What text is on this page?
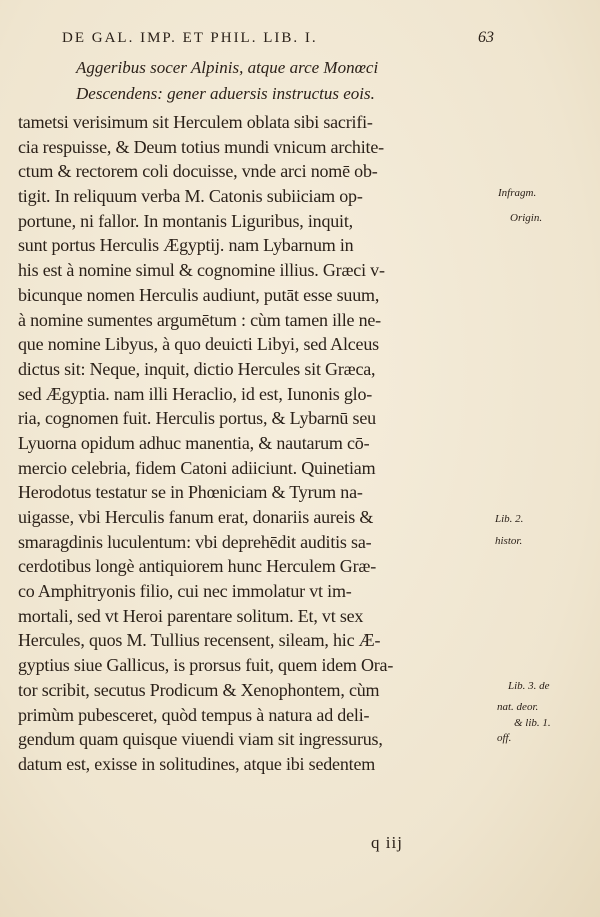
DE GAL. IMP. ET PHIL. LIB. I.	63
Aggeribus socer Alpinis, atque arce Monœci
Descendens: gener aduersis instructus eois.
tametsi verisimum sit Herculem oblata sibi sacrifi-
cia respuisse, & Deum totius mundi vnicum archite-
ctum & rectorem coli docuisse, vnde arci nomē ob-
tigit. In reliquum verba M. Catonis subiiciam op-
portune, ni fallor. In montanis Liguribus, inquit,
sunt portus Herculis Ægyptij. nam Lybarnum in
his est à nomine simul & cognomine illius. Græci v-
bicunque nomen Herculis audiunt, putāt esse suum,
à nomine sumentes argumētum : cùm tamen ille ne-
que nomine Libyus, à quo deuicti Libyi, sed Alceus
dictus sit: Neque, inquit, dictio Hercules sit Græca,
sed Ægyptia. nam illi Heraclio, id est, Iunonis glo-
ria, cognomen fuit. Herculis portus, & Lybarnū seu
Lyuorna opidum adhuc manentia, & nautarum cō-
mercio celebria, fidem Catoni adiiciunt. Quinetiam
Herodotus testatur se in Phœniciam & Tyrum na-
uigasse, vbi Herculis fanum erat, donariis aureis &
smaragdinis luculentum: vbi deprehēdit auditis sa-
cerdotibus longè antiquiorem hunc Herculem Græ-
co Amphitryonis filio, cui nec immolatur vt im-
mortali, sed vt Heroi parentare solitum. Et, vt sex
Hercules, quos M. Tullius recensent, sileam, hic Æ-
gyptius siue Gallicus, is prorsus fuit, quem idem Ora-
tor scribit, secutus Prodicum & Xenophontem, cùm
primùm pubesceret, quòd tempus à natura ad deli-
gendum quam quisque viuendi viam sit ingressurus,
datum est, exisse in solitudines, atque ibi sedentem
Infragm.
Origin.
Lib. 2.
histor.
Lib. 3. de
nat. deor.
& lib. 1.
off.
q iij
